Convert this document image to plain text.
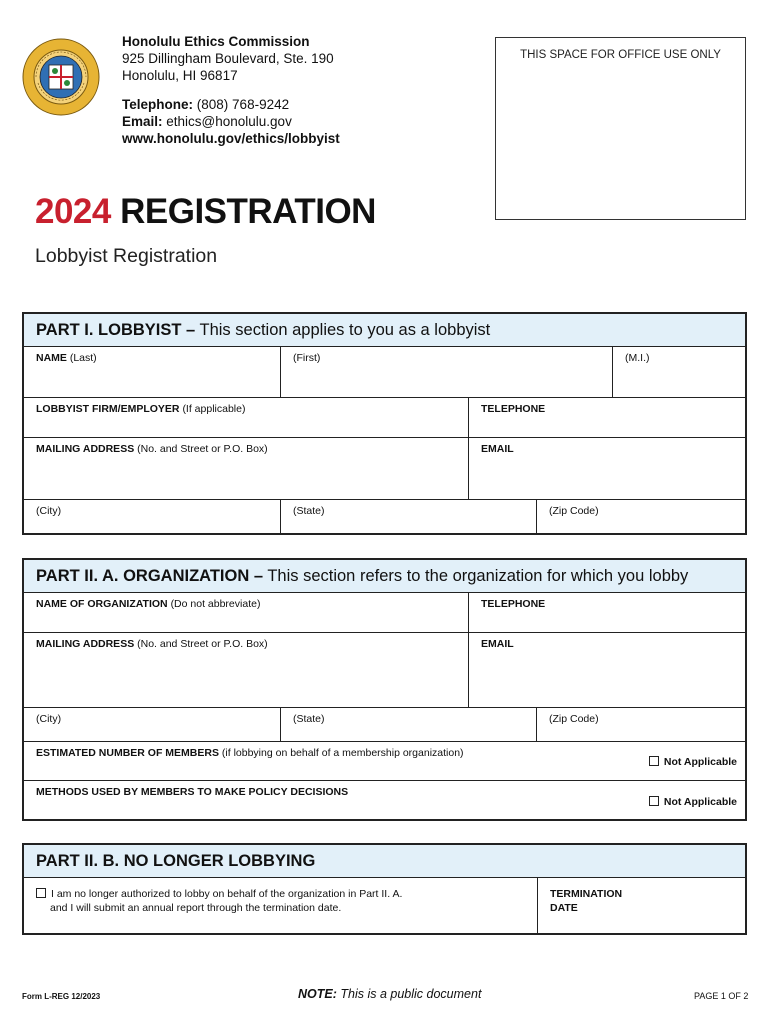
Honolulu Ethics Commission
925 Dillingham Boulevard, Ste. 190
Honolulu, HI 96817
Telephone: (808) 768-9242
Email: ethics@honolulu.gov
www.honolulu.gov/ethics/lobbyist
THIS SPACE FOR OFFICE USE ONLY
2024 REGISTRATION
Lobbyist Registration
PART I. LOBBYIST – This section applies to you as a lobbyist
NAME (Last)	(First)	(M.I.)
LOBBYIST FIRM/EMPLOYER (If applicable)	TELEPHONE
MAILING ADDRESS (No. and Street or P.O. Box)	EMAIL
(City)	(State)	(Zip Code)
PART II. A. ORGANIZATION – This section refers to the organization for which you lobby
NAME OF ORGANIZATION (Do not abbreviate)	TELEPHONE
MAILING ADDRESS (No. and Street or P.O. Box)	EMAIL
(City)	(State)	(Zip Code)
ESTIMATED NUMBER OF MEMBERS (if lobbying on behalf of a membership organization)
Not Applicable
METHODS USED BY MEMBERS TO MAKE POLICY DECISIONS
Not Applicable
PART II. B. NO LONGER LOBBYING
I am no longer authorized to lobby on behalf of the organization in Part II. A.
and I will submit an annual report through the termination date.
TERMINATION
DATE
Form L-REG 12/2023	NOTE: This is a public document	PAGE 1 OF 2
